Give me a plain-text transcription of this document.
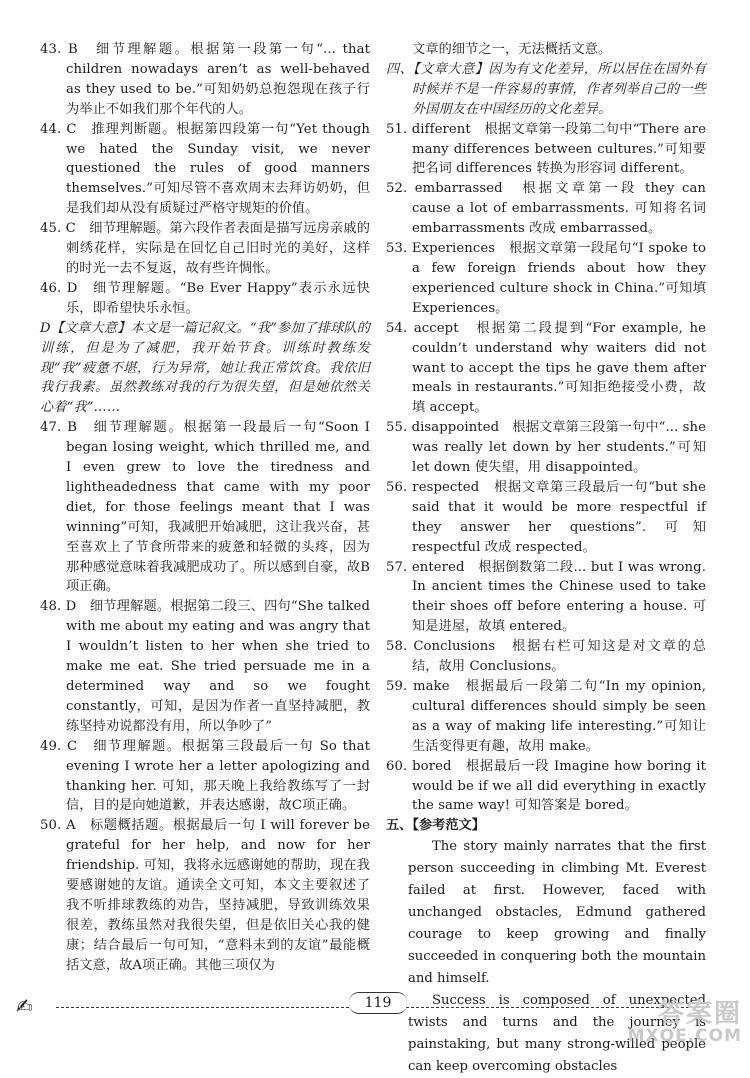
43. B　细节理解题。根据第一段第一句“... that children nowadays aren’t as well-behaved as they used to be.”可知奶奶总抱怨现在孩子行为举止不如我们那个年代的人。
44. C　推理判断题。根据第四段第一句“Yet though we hated the Sunday visit, we never questioned the rules of good manners themselves.”可知尽管不喜欢周末去拜访奶奶，但是我们却从没有质疑过严格守规矩的价值。
45. C　细节理解题。第六段作者表面是描写远房亲戚的刺绣花样，实际是在回忆自己旧时光的美好，这样的时光一去不复返，故有些许惆怅。
46. D　细节理解题。“Be Ever Happy”表示永远快乐，即希望快乐永恒。
D【文章大意】本文是一篇记叙文。“我”参加了排球队的训练，但是为了减肥，我开始节食。训练时教练发现“我”疲惫不堪，行为异常，她让我正常饮食。我依旧我行我素。虽然教练对我的行为很失望，但是她依然关心着“我”……
47. B　细节理解题。根据第一段最后一句“Soon I began losing weight, which thrilled me, and I even grew to love the tiredness and lightheadedness that came with my poor diet, for those feelings meant that I was winning”可知，我减肥开始减肥，这让我兴奋，甚至喜欢上了节食所带来的疲惫和轻微的头疼，因为那种感觉意味着我减肥成功了。所以感到自豪，故B项正确。
48. D　细节理解题。根据第二段三、四句“She talked with me about my eating and was angry that I wouldn’t listen to her when she tried to make me eat. She tried persuade me in a determined way and so we fought constantly，可知，是因为作者一直坚持减肥，教练坚持劝说都没有用，所以争吵了”
49. C　细节理解题。根据第三段最后一句 So that evening I wrote her a letter apologizing and thanking her. 可知，那天晚上我给教练写了一封信，目的是向她道歉，并表达感谢，故C项正确。
50. A　标题概括题。根据最后一句 I will forever be grateful for her help, and now for her friendship. 可知，我将永远感谢她的帮助，现在我要感谢她的友谊。通读全文可知，本文主要叙述了我不听排球教练的劝告，坚持减肥，导致训练效果很差，教练虽然对我很失望，但是依旧关心我的健康；结合最后一句可知，“意料未到的友谊”最能概括文意，故A项正确。其他三项仅为
文章的细节之一，无法概括文意。
四、【文章大意】因为有文化差异，所以居住在国外有时候并不是一件容易的事情，作者列举自己的一些外国朋友在中国经历的文化差异。
51. different　根据文章第一段第二句中“There are many differences between cultures.”可知要把名词 differences 转换为形容词 different。
52. embarrassed　根据文章第一段 they can cause a lot of embarrassments. 可知将名词 embarrassments 改成 embarrassed。
53. Experiences　根据文章第一段尾句“I spoke to a few foreign friends about how they experienced culture shock in China.”可知填 Experiences。
54. accept　根据第二段提到“For example, he couldn’t understand why waiters did not want to accept the tips he gave them after meals in restaurants.”可知拒绝接受小费，故填 accept。
55. disappointed　根据文章第三段第一句中“... she was really let down by her students.”可知 let down 使失望，用 disappointed。
56. respected　根据文章第三段最后一句“but she said that it would be more respectful if they answer her questions”. 可知 respectful 改成 respected。
57. entered　根据倒数第二段... but I was wrong. In ancient times the Chinese used to take their shoes off before entering a house. 可知是进屋，故填 entered。
58. Conclusions　根据右栏可知这是对文章的总结，故用 Conclusions。
59. make　根据最后一段第二句“In my opinion, cultural differences should simply be seen as a way of making life interesting.”可知让生活变得更有趣，故用 make。
60. bored　根据最后一段 Imagine how boring it would be if we all did everything in exactly the same way! 可知答案是 bored。
五、【参考范文】

The story mainly narrates that the first person succeeding in climbing Mt. Everest failed at first. However, faced with unchanged obstacles, Edmund gathered courage to keep growing and finally succeeded in conquering both the mountain and himself.

Success is composed of unexpected twists and turns and the journey is painstaking, but many strong-willed people can keep overcoming obstacles

✍	119	答案圈
MXQE.COM
